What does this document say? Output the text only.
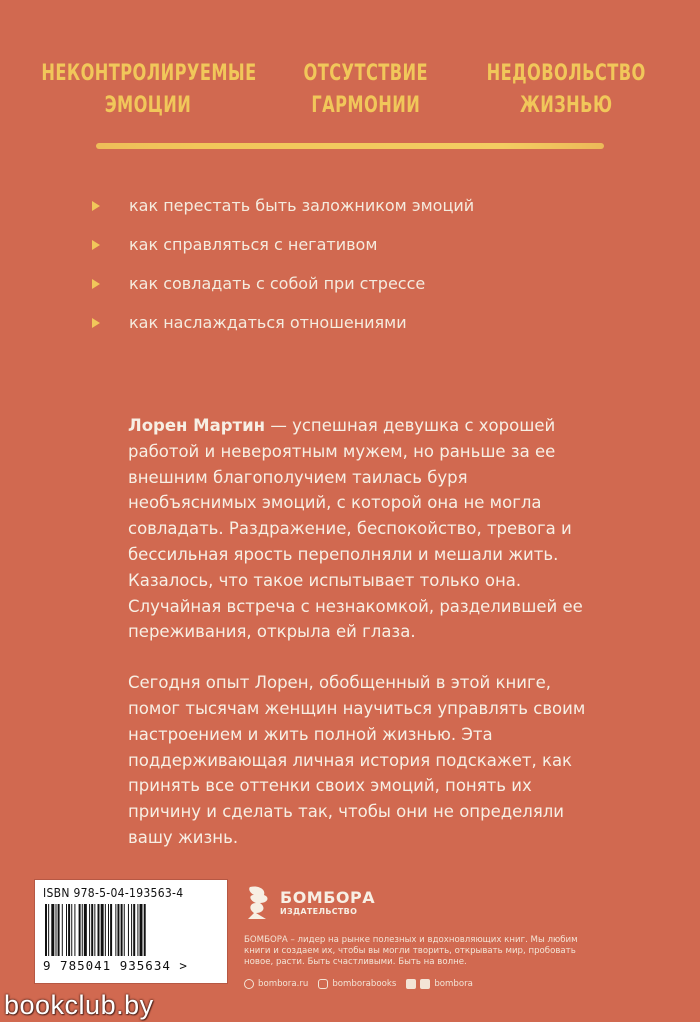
НЕКОНТРОЛИРУЕМЫЕ
ЭМОЦИИ
ОТСУТСТВИЕ
ГАРМОНИИ
НЕДОВОЛЬСТВО
ЖИЗНЬЮ
как перестать быть заложником эмоций
как справляться с негативом
как совладать с собой при стрессе
как наслаждаться отношениями

Лорен Мартин — успешная девушка с хорошей работой и невероятным мужем, но раньше за ее внешним благополучием таилась буря необъяснимых эмоций, с которой она не могла совладать. Раздражение, беспокойство, тревога и бессильная ярость переполняли и мешали жить. Казалось, что такое испытывает только она. Случайная встреча с незнакомкой, разделившей ее переживания, открыла ей глаза.

Сегодня опыт Лорен, обобщенный в этой книге, помог тысячам женщин научиться управлять своим настроением и жить полной жизнью. Эта поддерживающая личная история подскажет, как принять все оттенки своих эмоций, понять их причину и сделать так, чтобы они не определяли вашу жизнь.

ISBN 978-5-04-193563-4
9 785041 935634 >
БОМБОРА
ИЗДАТЕЛЬСТВО
БОМБОРА – лидер на рынке полезных и вдохновляющих книг. Мы любим книги и создаем их, чтобы вы могли творить, открывать мир, пробовать новое, расти. Быть счастливыми. Быть на волне.
bombora.ru	bomborabooks	bombora
bookclub.by
